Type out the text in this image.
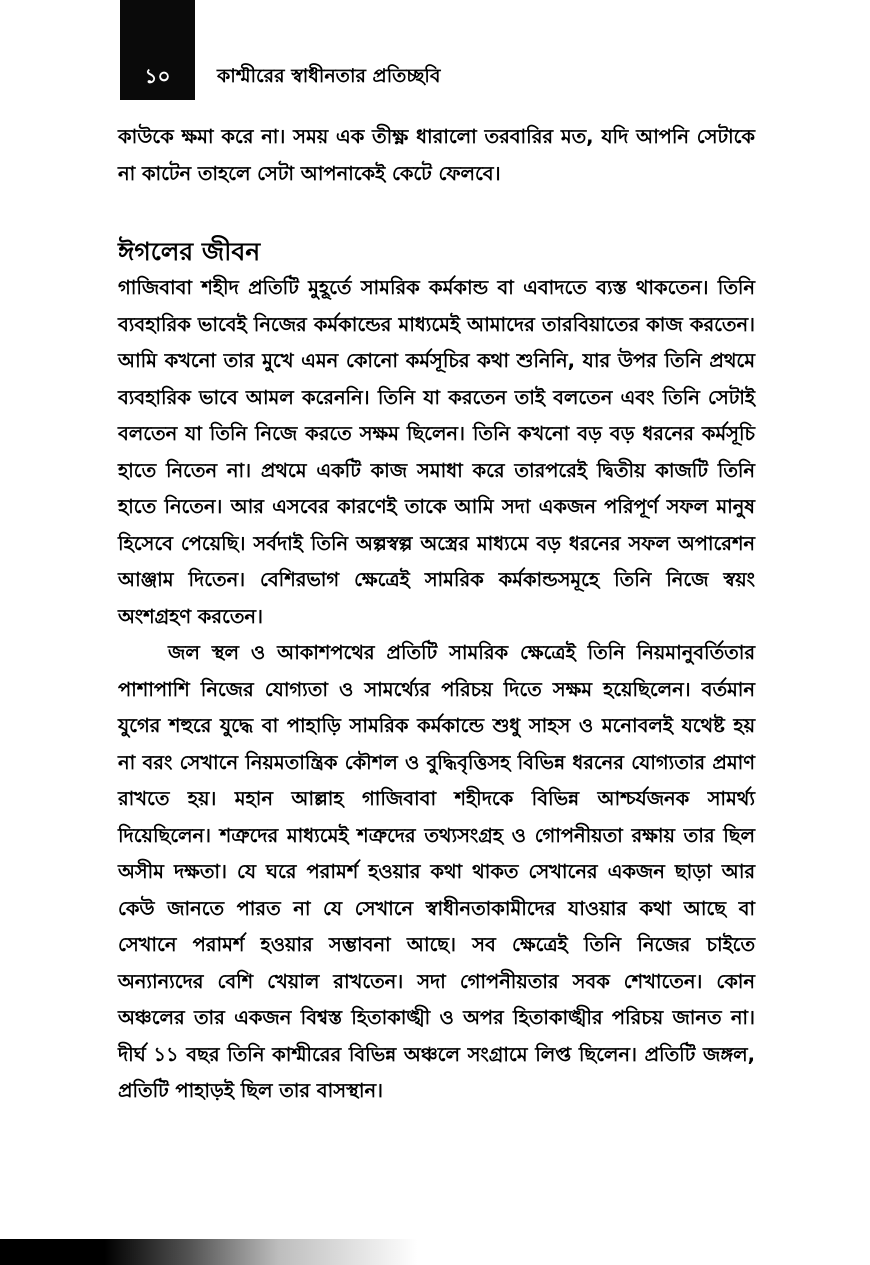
১০	কাশ্মীরের স্বাধীনতার প্রতিচ্ছবি

কাউকে ক্ষমা করে না। সময় এক তীক্ষ্ণ ধারালো তরবারির মত, যদি আপনি সেটাকে না কাটেন তাহলে সেটা আপনাকেই কেটে ফেলবে।

ঈগলের জীবন

গাজিবাবা শহীদ প্রতিটি মুহূর্তে সামরিক কর্মকান্ড বা এবাদতে ব্যস্ত থাকতেন। তিনি ব্যবহারিক ভাবেই নিজের কর্মকান্ডের মাধ্যমেই আমাদের তারবিয়াতের কাজ করতেন। আমি কখনো তার মুখে এমন কোনো কর্মসূচির কথা শুনিনি, যার উপর তিনি প্রথমে ব্যবহারিক ভাবে আমল করেননি। তিনি যা করতেন তাই বলতেন এবং তিনি সেটাই বলতেন যা তিনি নিজে করতে সক্ষম ছিলেন। তিনি কখনো বড় বড় ধরনের কর্মসূচি হাতে নিতেন না। প্রথমে একটি কাজ সমাধা করে তারপরেই দ্বিতীয় কাজটি তিনি হাতে নিতেন। আর এসবের কারণেই তাকে আমি সদা একজন পরিপূর্ণ সফল মানুষ হিসেবে পেয়েছি। সর্বদাই তিনি অল্পস্বল্প অস্ত্রের মাধ্যমে বড় ধরনের সফল অপারেশন আঞ্জাম দিতেন। বেশিরভাগ ক্ষেত্রেই সামরিক কর্মকান্ডসমূহে তিনি নিজে স্বয়ং অংশগ্রহণ করতেন।

জল স্থল ও আকাশপথের প্রতিটি সামরিক ক্ষেত্রেই তিনি নিয়মানুবর্তিতার পাশাপাশি নিজের যোগ্যতা ও সামর্থ্যের পরিচয় দিতে সক্ষম হয়েছিলেন। বর্তমান যুগের শহুরে যুদ্ধে বা পাহাড়ি সামরিক কর্মকান্ডে শুধু সাহস ও মনোবলই যথেষ্ট হয় না বরং সেখানে নিয়মতান্ত্রিক কৌশল ও বুদ্ধিবৃত্তিসহ বিভিন্ন ধরনের যোগ্যতার প্রমাণ রাখতে হয়। মহান আল্লাহ গাজিবাবা শহীদকে বিভিন্ন আশ্চর্যজনক সামর্থ্য দিয়েছিলেন। শত্রুদের মাধ্যমেই শত্রুদের তথ্যসংগ্রহ ও গোপনীয়তা রক্ষায় তার ছিল অসীম দক্ষতা। যে ঘরে পরামর্শ হওয়ার কথা থাকত সেখানের একজন ছাড়া আর কেউ জানতে পারত না যে সেখানে স্বাধীনতাকামীদের যাওয়ার কথা আছে বা সেখানে পরামর্শ হওয়ার সম্ভাবনা আছে। সব ক্ষেত্রেই তিনি নিজের চাইতে অন্যান্যদের বেশি খেয়াল রাখতেন। সদা গোপনীয়তার সবক শেখাতেন। কোন অঞ্চলের তার একজন বিশ্বস্ত হিতাকাঙ্খী ও অপর হিতাকাঙ্খীর পরিচয় জানত না। দীর্ঘ ১১ বছর তিনি কাশ্মীরের বিভিন্ন অঞ্চলে সংগ্রামে লিপ্ত ছিলেন। প্রতিটি জঙ্গল, প্রতিটি পাহাড়ই ছিল তার বাসস্থান।
